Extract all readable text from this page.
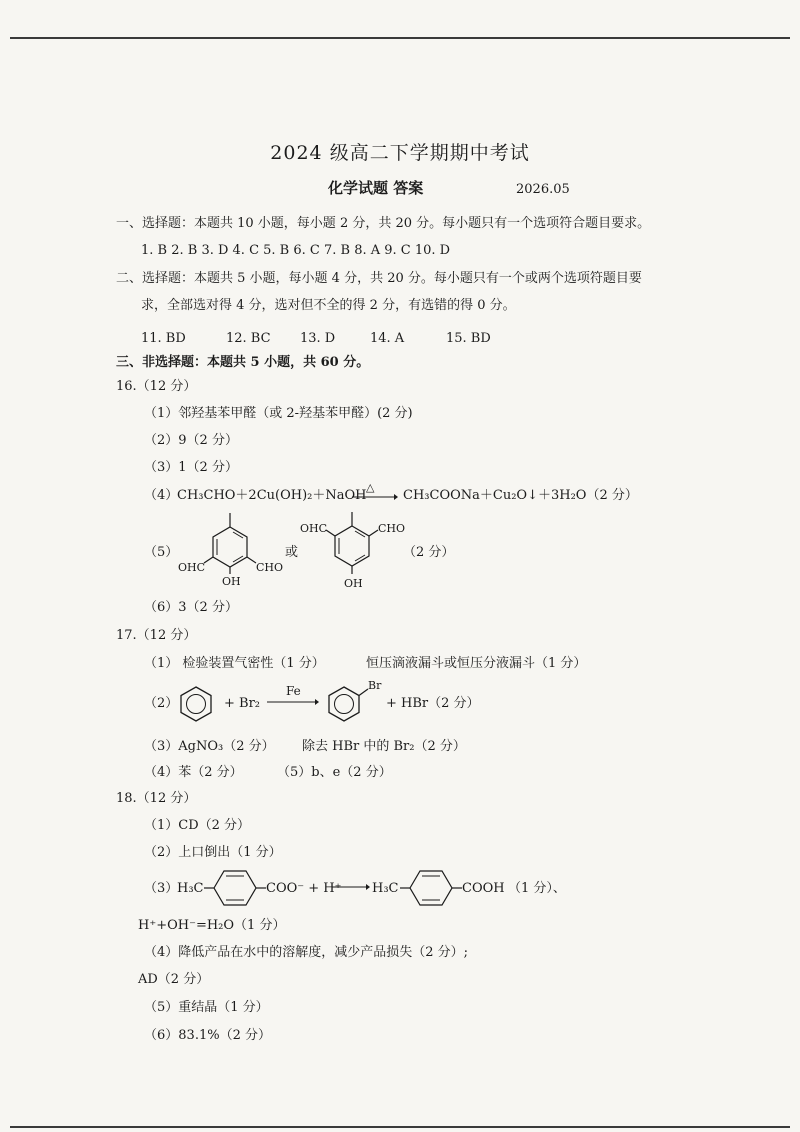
2024 级高二下学期期中考试
化学试题 答案	2026.05
一、选择题：本题共 10 小题，每小题 2 分，共 20 分。每小题只有一个选项符合题目要求。
1. B 2. B 3. D 4. C 5. B 6. C 7. B 8. A 9. C 10. D
二、选择题：本题共 5 小题，每小题 4 分，共 20 分。每小题只有一个或两个选项符题目要
求，全部选对得 4 分，选对但不全的得 2 分，有选错的得 0 分。
11. BD	12. BC 13. D	14. A	15. BD
三、非选择题：本题共 5 小题，共 60 分。
16.（12 分）
（1）邻羟基苯甲醛（或 2-羟基苯甲醛）(2 分)
（2）9（2 分）
（3）1（2 分）
（4）
CH₃CHO＋2Cu(OH)₂＋NaOH
△
→ CH₃COONa＋Cu₂O↓＋3H₂O（2 分）
（5）
CHO
OHC
OH
或
CHO
OHC
OH
（2 分）
（6）3（2 分）
17.（12 分）
（1） 检验装置气密性（1 分）	恒压滴液漏斗或恒压分液漏斗（1 分）
（2）	+ Br₂
Fe	Br
+ HBr（2 分）
（3）AgNO₃（2 分） 除去 HBr 中的 Br₂（2 分）
（4）苯（2 分）	（5）b、e（2 分）
18.（12 分）
（1）CD（2 分）
（2）上口倒出（1 分）
（3）
H₃C	COO⁻ + H⁺ → H₃C	COOH （1 分）、
H⁺+OH⁻=H₂O（1 分）
（4）降低产品在水中的溶解度，减少产品损失（2 分）;
AD（2 分）
（5）重结晶（1 分）
（6）83.1%（2 分）
